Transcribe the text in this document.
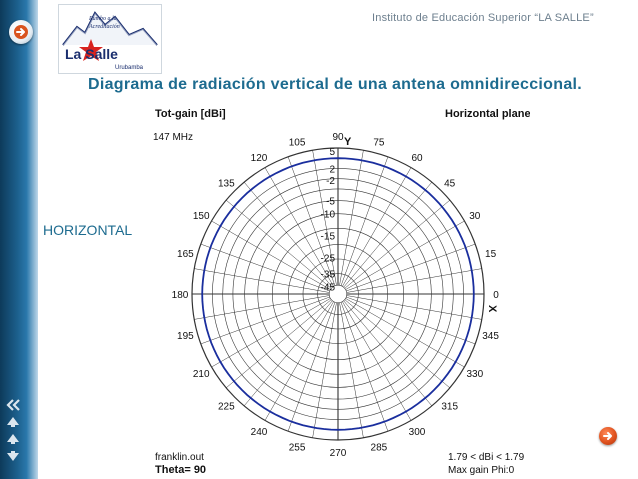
Rumbo a la
Acreditación
La Salle
Urubamba
Instituto de Educación Superior “LA SALLE”
Diagrama de radiación vertical de una antena omnidireccional.
HORIZONTAL
0
15
30
45
60
75
90
105
120
135
150
165
180
195
210
225
240
255 270 285
300
315
330
345
Y
X
5
2
-2
-5
-10
-15
-25
-35
-45
Tot-gain [dBi]
147 MHz
Horizontal plane
franklin.out
Theta= 90
1.79 < dBi < 1.79
Max gain Phi:0
